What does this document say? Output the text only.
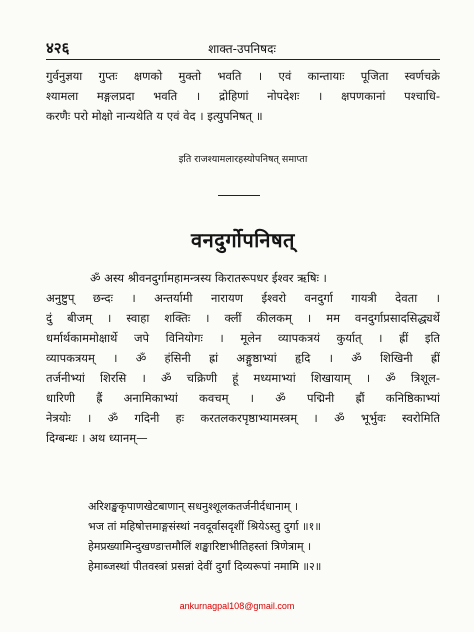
४२६	शाक्त-उपनिषदः
गुर्वनुज्ञया गुप्तः क्षणको मुक्तो भवति । एवं कान्तायाः पूजिता स्वर्णचक्रे
श्यामला मङ्गलप्रदा भवति । द्रोहिणां नोपदेशः । क्षपणकानां पश्चाधि-
करणैः परो मोक्षो नान्यथेति य एवं वेद । इत्युपनिषत् ॥
इति राजश्यामलारहस्योपनिषत् समाप्ता
वनदुर्गोपनिषत्
ॐ अस्य श्रीवनदुर्गामहामन्त्रस्य किरातरूपधर ईश्वर ऋषिः ।
अनुष्टुप् छन्दः । अन्तर्यामी नारायण ईश्वरो वनदुर्गा गायत्री देवता ।
दुं बीजम् । स्वाहा शक्तिः । क्लीं कीलकम् । मम वनदुर्गाप्रसादसिद्ध्यर्थे
धर्मार्थकाममोक्षार्थे जपे विनियोगः । मूलेन व्यापकत्रयं कुर्यात् । ह्रीं इति
व्यापकत्रयम् । ॐ हंसिनी ह्रां अङ्गुष्ठाभ्यां हृदि । ॐ शिखिनी ह्रीं
तर्जनीभ्यां शिरसि । ॐ चक्रिणी हूं मध्यमाभ्यां शिखायाम् । ॐ त्रिशूल-
धारिणी ह्रैं अनामिकाभ्यां कवचम् । ॐ पद्मिनी ह्रौं कनिष्ठिकाभ्यां
नेत्रयोः । ॐ गदिनी हः करतलकरपृष्ठाभ्यामस्त्रम् । ॐ भूर्भुवः स्वरोमिति
दिग्बन्धः । अथ ध्यानम्—
अरिशङ्खकृपाणखेटबाणान् सधनुश्शूलकतर्जनीर्दधानाम् ।
भज तां महिषोत्तमाङ्गसंस्थां नवदूर्वासदृशीं श्रियेऽस्तु दुर्गा ॥१॥
हेमप्रख्यामिन्दुखण्डात्तमौलिं शङ्खारिष्टाभीतिहस्तां त्रिणेत्राम् ।
हेमाब्जस्थां पीतवस्त्रां प्रसन्नां देवीं दुर्गां दिव्यरूपां नमामि ॥२॥
ankurnagpal108@gmail.com
